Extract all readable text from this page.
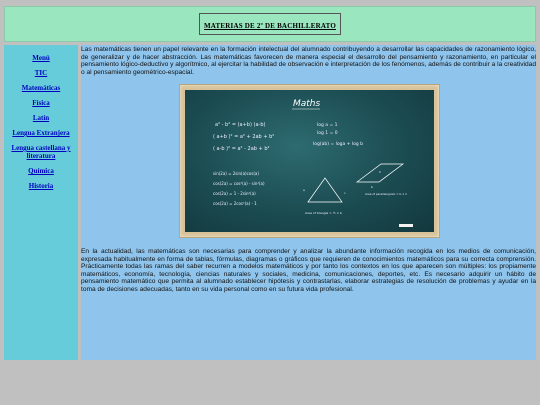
MATERIAS DE 2º DE BACHILLERATO
Menú
TIC
Matemáticas
Física
Latín
Lengua Extranjera
Lengua castellana y literatura
Química
Historia

Las matemáticas tienen un papel relevante en la formación intelectual del alumnado contribuyendo a desarrollar las capacidades de razonamiento lógico, de generalizar y de hacer abstracción. Las matemáticas favorecen de manera especial el desarrollo del pensamiento y razonamiento, en particular el pensamiento lógico-deductivo y algorítmico, al ejercitar la habilidad de observación e interpretación de los fenómenos, además de contribuir a la creatividad o al pensamiento geométrico-espacial.

Maths
a² - b² = (a+b) (a-b)
( a+b )² = a² + 2ab + b²
( a-b )² = a² - 2ab + b²
log a = 1
log 1 = 0
log(ab) = loga + log b
sin(2a) = 2sin(a)cos(a)
cos(2a) = cos²(a) - sin²(a)
cos(2a) = 1 - 2sin²(a)
cos(2a) = 2cos²(a) - 1
a
c
Area of triangle = ½ × b
h
b
Area of parallelogram = b × h

En la actualidad, las matemáticas son necesarias para comprender y analizar la abundante información recogida en los medios de comunicación, expresada habitualmente en forma de tablas, fórmulas, diagramas o gráficos que requieren de conocimientos matemáticos para su correcta comprensión. Prácticamente todas las ramas del saber recurren a modelos matemáticos y por tanto los contextos en los que aparecen son múltiples: los propiamente matemáticos, economía, tecnología, ciencias naturales y sociales, medicina, comunicaciones, deportes, etc. Es necesario adquirir un hábito de pensamiento matemático que permita al alumnado establecer hipótesis y contrastarlas, elaborar estrategias de resolución de problemas y ayudar en la toma de decisiones adecuadas, tanto en su vida personal como en su futura vida profesional.
